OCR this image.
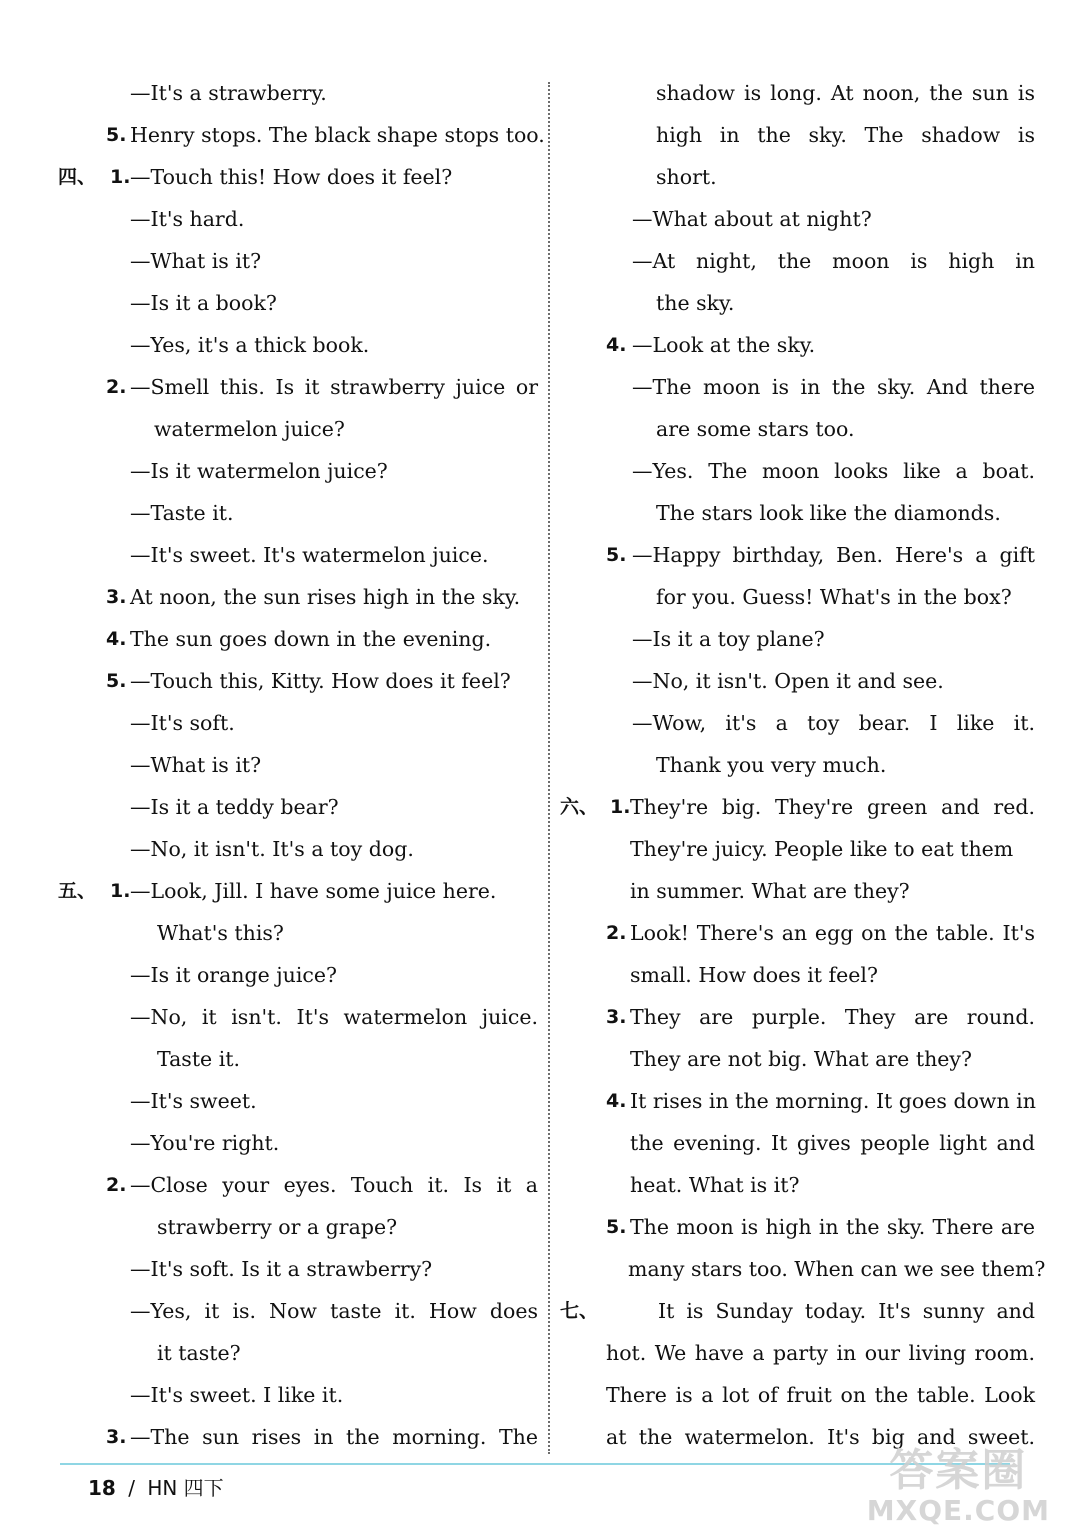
—It's a strawberry.
5. Henry stops. The black shape stops too.
四、 1. —Touch this! How does it feel?
—It's hard.
—What is it?
—Is it a book?
—Yes, it's a thick book.
2. —Smell this. Is it strawberry juice or
watermelon juice?
—Is it watermelon juice?
—Taste it.
—It's sweet. It's watermelon juice.
3. At noon, the sun rises high in the sky.
4. The sun goes down in the evening.
5. —Touch this, Kitty. How does it feel?
—It's soft.
—What is it?
—Is it a teddy bear?
—No, it isn't. It's a toy dog.
五、 1. —Look, Jill. I have some juice here.
What's this?
—Is it orange juice?
—No, it isn't. It's watermelon juice.
Taste it.
—It's sweet.
—You're right.
2. —Close your eyes. Touch it. Is it a
strawberry or a grape?
—It's soft. Is it a strawberry?
—Yes, it is. Now taste it. How does
it taste?
—It's sweet. I like it.
3. —The sun rises in the morning. The
shadow is long. At noon, the sun is
high in the sky. The shadow is
short.
—What about at night?
—At night, the moon is high in
the sky.
4. —Look at the sky.
—The moon is in the sky. And there
are some stars too.
—Yes. The moon looks like a boat.
The stars look like the diamonds.
5. —Happy birthday, Ben. Here's a gift
for you. Guess! What's in the box?
—Is it a toy plane?
—No, it isn't. Open it and see.
—Wow, it's a toy bear. I like it.
Thank you very much.
六、 1. They're big. They're green and red.
They're juicy. People like to eat them
in summer. What are they?
2. Look! There's an egg on the table. It's
small. How does it feel?
3. They are purple. They are round.
They are not big. What are they?
4. It rises in the morning. It goes down in
the evening. It gives people light and
heat. What is it?
5. The moon is high in the sky. There are
many stars too. When can we see them?
七、	It is Sunday today. It's sunny and
hot. We have a party in our living room.
There is a lot of fruit on the table. Look
at the watermelon. It's big and sweet.
18 / HN 四下	答案圈
MXQE.COM
